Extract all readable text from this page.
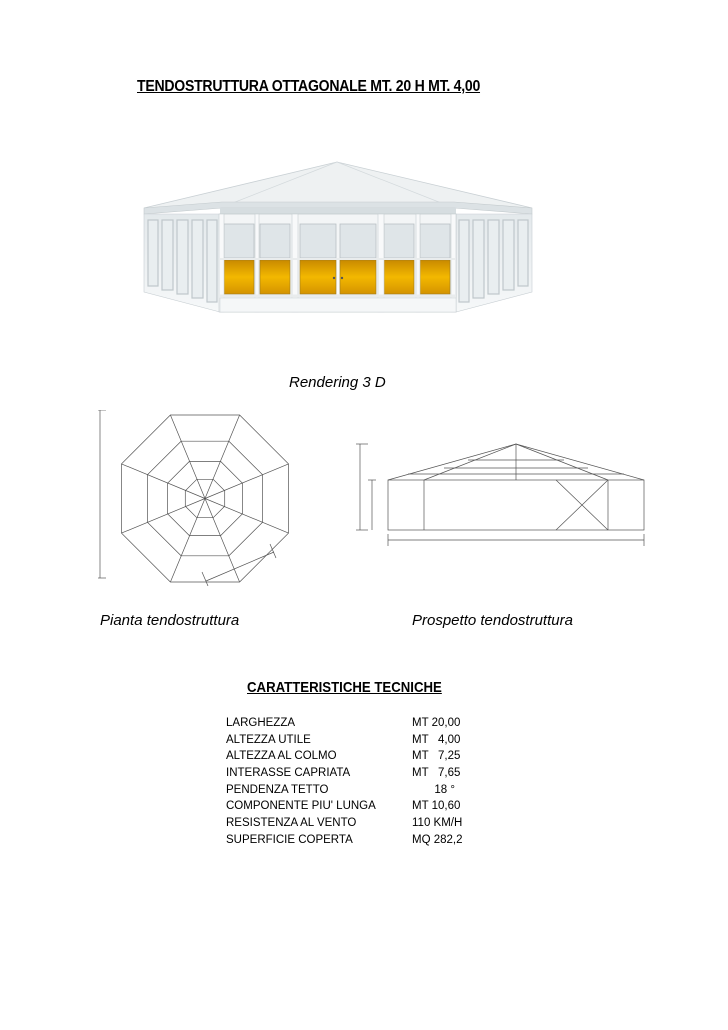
TENDOSTRUTTURA OTTAGONALE MT. 20 H MT. 4,00
Rendering 3 D
Pianta tendostruttura	Prospetto tendostruttura
CARATTERISTICHE TECNICHE
LARGHEZZA	MT 20,00
ALTEZZA UTILE	MT   4,00
ALTEZZA AL COLMO	MT   7,25
INTERASSE CAPRIATA	MT   7,65
PENDENZA TETTO	18 °
COMPONENTE PIU' LUNGA	MT 10,60
RESISTENZA AL VENTO	110 KM/H
SUPERFICIE COPERTA	MQ 282,2
